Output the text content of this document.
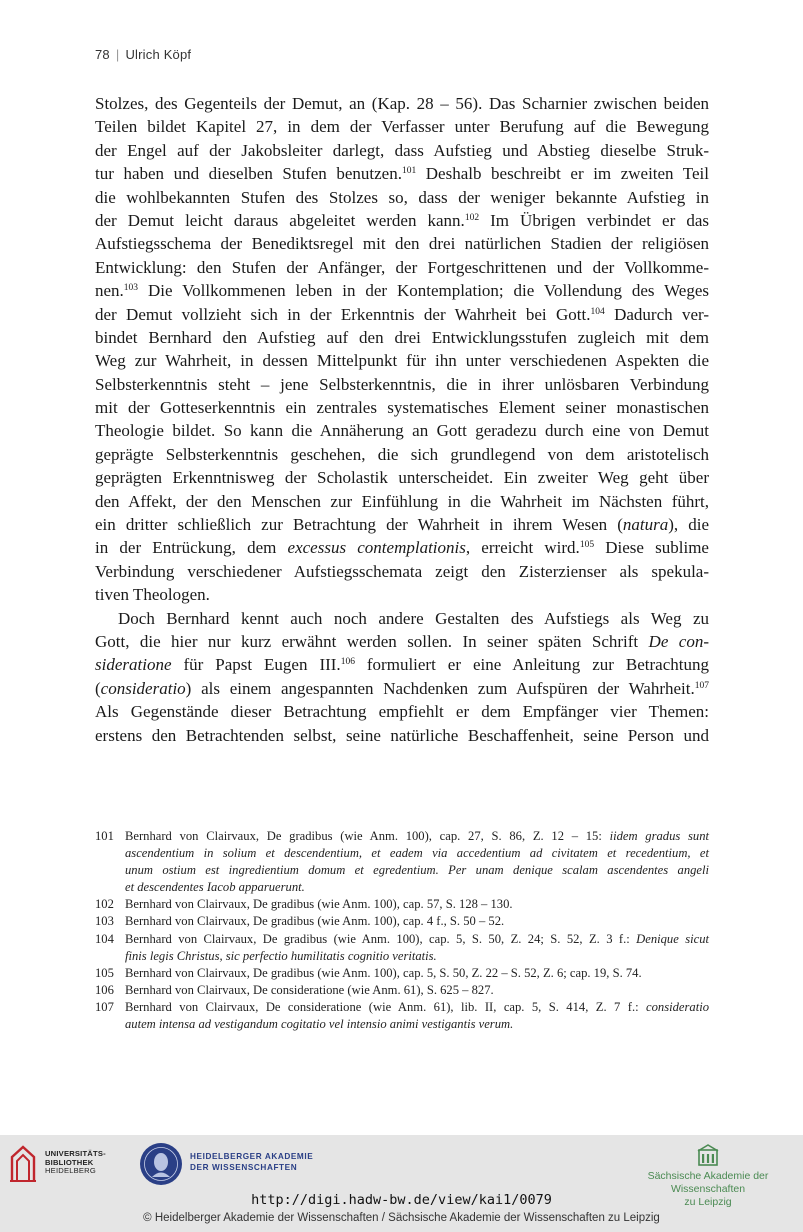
78 | Ulrich Köpf
Stolzes, des Gegenteils der Demut, an (Kap. 28 – 56). Das Scharnier zwischen beiden
Teilen bildet Kapitel 27, in dem der Verfasser unter Berufung auf die Bewegung
der Engel auf der Jakobsleiter darlegt, dass Aufstieg und Abstieg dieselbe Struk-
tur haben und dieselben Stufen benutzen.$^{101}$ Deshalb beschreibt er im zweiten Teil
die wohlbekannten Stufen des Stolzes so, dass der weniger bekannte Aufstieg in
der Demut leicht daraus abgeleitet werden kann.$^{102}$ Im Übrigen verbindet er das
Aufstiegsschema der Benediktsregel mit den drei natürlichen Stadien der religiösen
Entwicklung: den Stufen der Anfänger, der Fortgeschrittenen und der Vollkomme-
nen.$^{103}$ Die Vollkommenen leben in der Kontemplation; die Vollendung des Weges
der Demut vollzieht sich in der Erkenntnis der Wahrheit bei Gott.$^{104}$ Dadurch ver-
bindet Bernhard den Aufstieg auf den drei Entwicklungsstufen zugleich mit dem
Weg zur Wahrheit, in dessen Mittelpunkt für ihn unter verschiedenen Aspekten die
Selbsterkenntnis steht – jene Selbsterkenntnis, die in ihrer unlösbaren Verbindung
mit der Gotteserkenntnis ein zentrales systematisches Element seiner monastischen
Theologie bildet. So kann die Annäherung an Gott geradezu durch eine von Demut
geprägte Selbsterkenntnis geschehen, die sich grundlegend von dem aristotelisch
geprägten Erkenntnisweg der Scholastik unterscheidet. Ein zweiter Weg geht über
den Affekt, der den Menschen zur Einfühlung in die Wahrheit im Nächsten führt,
ein dritter schließlich zur Betrachtung der Wahrheit in ihrem Wesen (natura), die
in der Entrückung, dem excessus contemplationis, erreicht wird.$^{105}$ Diese sublime
Verbindung verschiedener Aufstiegsschemata zeigt den Zisterzienser als spekula-
tiven Theologen.
Doch Bernhard kennt auch noch andere Gestalten des Aufstiegs als Weg zu
Gott, die hier nur kurz erwähnt werden sollen. In seiner späten Schrift De con-
sideratione für Papst Eugen III.$^{106}$ formuliert er eine Anleitung zur Betrachtung
(consideratio) als einem angespannten Nachdenken zum Aufspüren der Wahrheit.$^{107}$
Als Gegenstände dieser Betrachtung empfiehlt er dem Empfänger vier Themen:
erstens den Betrachtenden selbst, seine natürliche Beschaffenheit, seine Person und
101 Bernhard von Clairvaux, De gradibus (wie Anm. 100), cap. 27, S. 86, Z. 12 – 15: iidem gradus sunt
ascendentium in solium et descendentium, et eadem via accedentium ad civitatem et recedentium, et
unum ostium est ingredientium domum et egredentium. Per unam denique scalam ascendentes angeli
et descendentes Iacob apparuerunt.
102 Bernhard von Clairvaux, De gradibus (wie Anm. 100), cap. 57, S. 128 – 130.
103 Bernhard von Clairvaux, De gradibus (wie Anm. 100), cap. 4 f., S. 50 – 52.
104 Bernhard von Clairvaux, De gradibus (wie Anm. 100), cap. 5, S. 50, Z. 24; S. 52, Z. 3 f.: Denique sicut
finis legis Christus, sic perfectio humilitatis cognitio veritatis.
105 Bernhard von Clairvaux, De gradibus (wie Anm. 100), cap. 5, S. 50, Z. 22 – S. 52, Z. 6; cap. 19, S. 74.
106 Bernhard von Clairvaux, De consideratione (wie Anm. 61), S. 625 – 827.
107 Bernhard von Clairvaux, De consideratione (wie Anm. 61), lib. II, cap. 5, S. 414, Z. 7 f.: consideratio
autem intensa ad vestigandum cogitatio vel intensio animi vestigantis verum.
UNIVERSITÄTS-
BIBLIOTHEK
HEIDELBERG
HEIDELBERGER AKADEMIE
DER WISSENSCHAFTEN
Sächsische Akademie der Wissenschaften
zu Leipzig
http://digi.hadw-bw.de/view/kai1/0079
© Heidelberger Akademie der Wissenschaften / Sächsische Akademie der Wissenschaften zu Leipzig
